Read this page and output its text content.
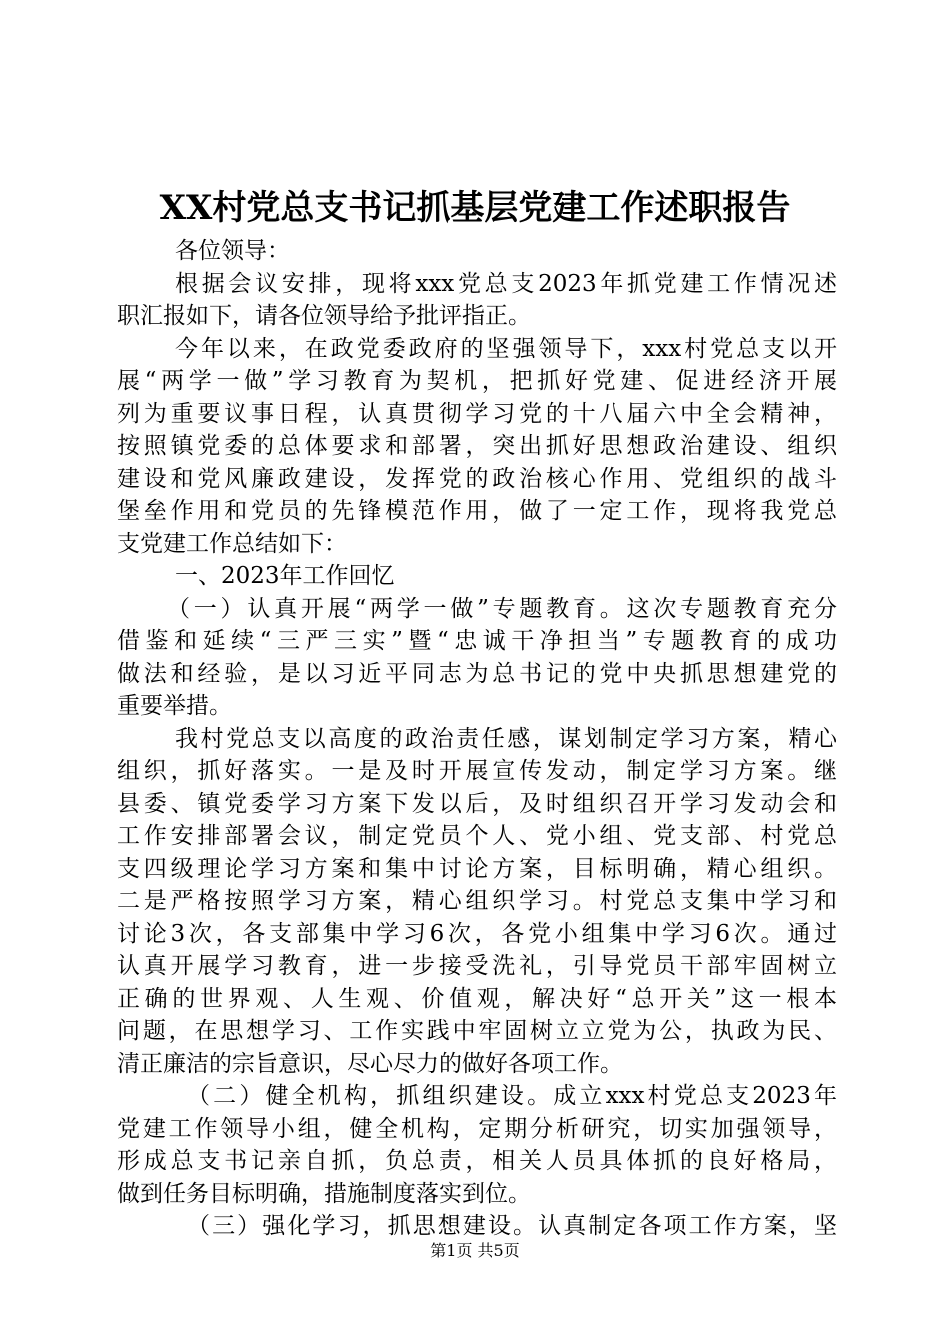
XX村党总支书记抓基层党建工作述职报告
各位领导：
根据会议安排，现将xxx党总支2023年抓党建工作情况述
职汇报如下，请各位领导给予批评指正。
今年以来，在政党委政府的坚强领导下，xxx村党总支以开
展“两学一做”学习教育为契机，把抓好党建、促进经济开展
列为重要议事日程，认真贯彻学习党的十八届六中全会精神，
按照镇党委的总体要求和部署，突出抓好思想政治建设、组织
建设和党风廉政建设，发挥党的政治核心作用、党组织的战斗
堡垒作用和党员的先锋模范作用，做了一定工作，现将我党总
支党建工作总结如下：
一、2023年工作回忆
（一）认真开展“两学一做”专题教育。这次专题教育充分
借鉴和延续“三严三实”暨“忠诚干净担当”专题教育的成功
做法和经验，是以习近平同志为总书记的党中央抓思想建党的
重要举措。
我村党总支以高度的政治责任感，谋划制定学习方案，精心
组织，抓好落实。一是及时开展宣传发动，制定学习方案。继
县委、镇党委学习方案下发以后，及时组织召开学习发动会和
工作安排部署会议，制定党员个人、党小组、党支部、村党总
支四级理论学习方案和集中讨论方案，目标明确，精心组织。
二是严格按照学习方案，精心组织学习。村党总支集中学习和
讨论3次，各支部集中学习6次，各党小组集中学习6次。通过
认真开展学习教育，进一步接受洗礼，引导党员干部牢固树立
正确的世界观、人生观、价值观，解决好“总开关”这一根本
问题，在思想学习、工作实践中牢固树立立党为公，执政为民、
清正廉洁的宗旨意识，尽心尽力的做好各项工作。
（二）健全机构，抓组织建设。成立xxx村党总支2023年
党建工作领导小组，健全机构，定期分析研究，切实加强领导，
形成总支书记亲自抓，负总责，相关人员具体抓的良好格局，
做到任务目标明确，措施制度落实到位。
（三）强化学习，抓思想建设。认真制定各项工作方案，坚
第1页 共5页
